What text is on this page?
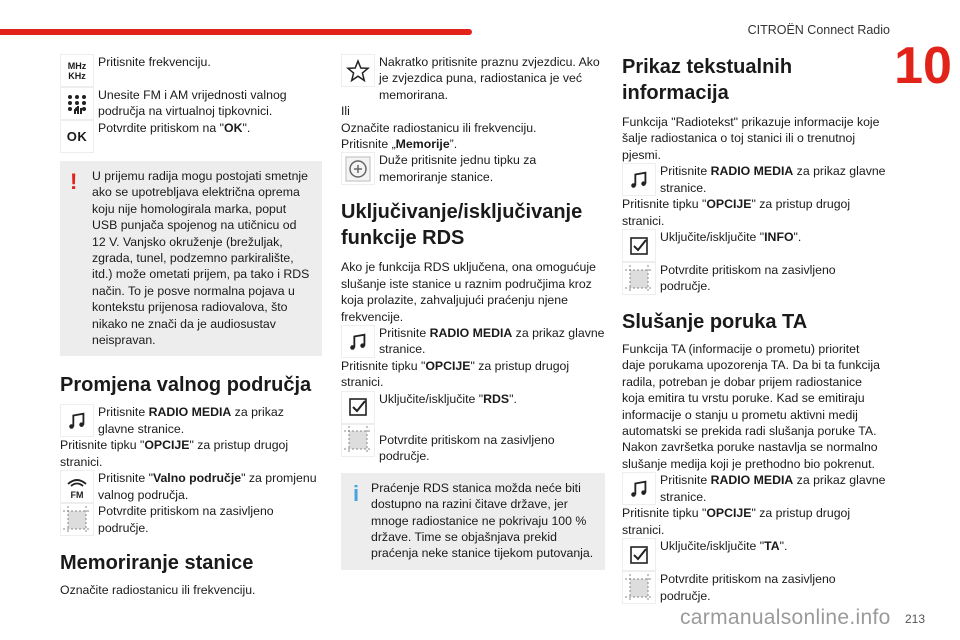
CITROËN Connect Radio
10
MHz KHz

Pritisnite frekvenciju.

Unesite FM i AM vrijednosti valnog područja na virtualnoj tipkovnici.

OK

Potvrdite pritiskom na "OK".

!	U prijemu radija mogu postojati smetnje ako se upotrebljava električna oprema koju nije homologirala marka, poput USB punjača spojenog na utičnicu od 12 V. Vanjsko okruženje (brežuljak, zgrada, tunel, podzemno parkiralište, itd.) može ometati prijem, pa tako i RDS način. To je posve normalna pojava u kontekstu prijenosa radiovalova, što nikako ne znači da je audiosustav neispravan.

Promjena valnog područja

Pritisnite RADIO MEDIA za prikaz glavne stranice.

Pritisnite tipku "OPCIJE" za pristup drugoj stranici.

FM

Pritisnite "Valno područje" za promjenu valnog područja.

Potvrdite pritiskom na zasivljeno područje.

Memoriranje stanice

Označite radiostanicu ili frekvenciju.

Nakratko pritisnite praznu zvjezdicu. Ako je zvjezdica puna, radiostanica je već memorirana.

Ili

Označite radiostanicu ili frekvenciju.

Pritisnite „Memorije”.

Duže pritisnite jednu tipku za memoriranje stanice.

Uključivanje/isključivanje funkcije RDS

Ako je funkcija RDS uključena, ona omogućuje slušanje iste stanice u raznim područjima kroz koja prolazite, zahvaljujući praćenju njene frekvencije.

Pritisnite RADIO MEDIA za prikaz glavne stranice.

Pritisnite tipku "OPCIJE" za pristup drugoj stranici.

Uključite/isključite "RDS".

Potvrdite pritiskom na zasivljeno područje.

i Praćenje RDS stanica možda neće biti dostupno na razini čitave države, jer mnoge radiostanice ne pokrivaju 100 % države. Time se objašnjava prekid praćenja neke stanice tijekom putovanja.

Prikaz tekstualnih informacija

Funkcija "Radiotekst" prikazuje informacije koje šalje radiostanica o toj stanici ili o trenutnoj pjesmi.

Pritisnite RADIO MEDIA za prikaz glavne stranice.

Pritisnite tipku "OPCIJE" za pristup drugoj stranici.

Uključite/isključite "INFO".

Potvrdite pritiskom na zasivljeno područje.

Slušanje poruka TA

Funkcija TA (informacije o prometu) prioritet daje porukama upozorenja TA. Da bi ta funkcija radila, potreban je dobar prijem radiostanice koja emitira tu vrstu poruke. Kad se emitiraju informacije o stanju u prometu aktivni medij automatski se prekida radi slušanja poruke TA. Nakon završetka poruke nastavlja se normalno slušanje medija koji je prethodno bio pokrenut.

Pritisnite RADIO MEDIA za prikaz glavne stranice.

Pritisnite tipku "OPCIJE" za pristup drugoj stranici.

Uključite/isključite "TA".

Potvrdite pritiskom na zasivljeno područje.

carmanualsonline.info 213
